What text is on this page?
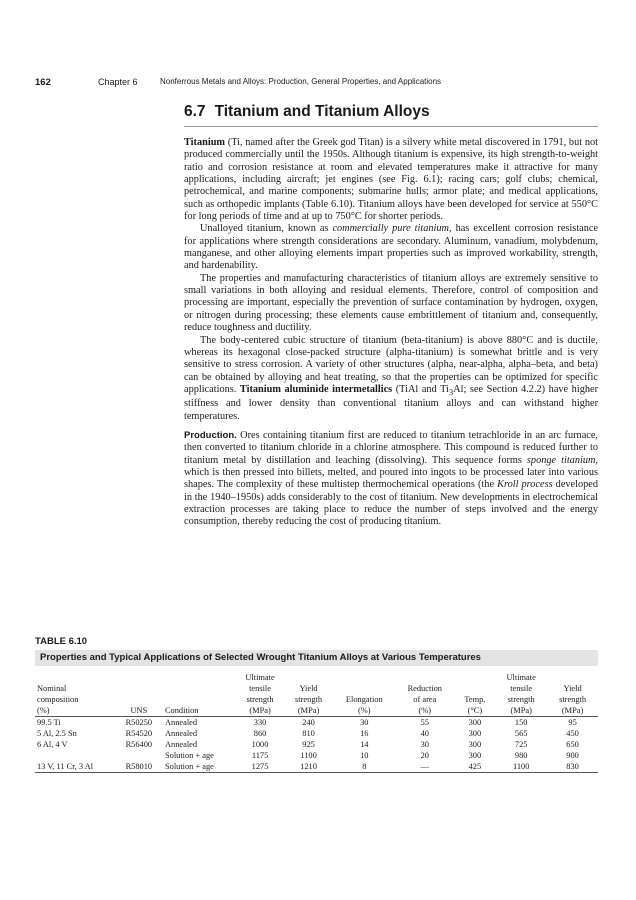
162	Chapter 6	Nonferrous Metals and Alloys: Production, General Properties, and Applications
6.7 Titanium and Titanium Alloys

Titanium (Ti, named after the Greek god Titan) is a silvery white metal discovered in 1791, but not produced commercially until the 1950s. Although titanium is expensive, its high strength-to-weight ratio and corrosion resistance at room and elevated temperatures make it attractive for many applications, including aircraft; jet engines (see Fig. 6.1); racing cars; golf clubs; chemical, petrochemical, and marine components; submarine hulls; armor plate; and medical applications, such as orthopedic implants (Table 6.10). Titanium alloys have been developed for service at 550°C for long periods of time and at up to 750°C for shorter periods.

Unalloyed titanium, known as commercially pure titanium, has excellent corrosion resistance for applications where strength considerations are secondary. Aluminum, vanadium, molybdenum, manganese, and other alloying elements impart properties such as improved workability, strength, and hardenability.

The properties and manufacturing characteristics of titanium alloys are extremely sensitive to small variations in both alloying and residual elements. Therefore, control of composition and processing are important, especially the prevention of surface contamination by hydrogen, oxygen, or nitrogen during processing; these elements cause embrittlement of titanium and, consequently, reduce toughness and ductility.

The body-centered cubic structure of titanium (beta-titanium) is above 880°C and is ductile, whereas its hexagonal close-packed structure (alpha-titanium) is somewhat brittle and is very sensitive to stress corrosion. A variety of other structures (alpha, near-alpha, alpha–beta, and beta) can be obtained by alloying and heat treating, so that the properties can be optimized for specific applications. Titanium aluminide intermetallics (TiAl and $Ti_3Al$; see Section 4.2.2) have higher stiffness and lower density than conventional titanium alloys and can withstand higher temperatures.

Production. Ores containing titanium first are reduced to titanium tetrachloride in an arc furnace, then converted to titanium chloride in a chlorine atmosphere. This compound is reduced further to titanium metal by distillation and leaching (dissolving). This sequence forms sponge titanium, which is then pressed into billets, melted, and poured into ingots to be processed later into various shapes. The complexity of these multistep thermochemical operations (the Kroll process developed in the 1940–1950s) adds considerably to the cost of titanium. New developments in electrochemical extraction processes are taking place to reduce the number of steps involved and the energy consumption, thereby reducing the cost of producing titanium.

TABLE 6.10
Properties and Typical Applications of Selected Wrought Titanium Alloys at Various Temperatures
Nominal
composition
(%)	UNS	Condition	Ultimate
tensile
strength
(MPa)	Yield
strength
(MPa)	Elongation
(%)	Reduction
of area
(%)	Temp.
(°C)	Ultimate
tensile
strength
(MPa)	Yield
strength
(MPa)
99.5 Ti	R50250	Annealed	330	240	30	55	300	150	95
5 Al, 2.5 Sn	R54520	Annealed	860	810	16	40	300	565	450
6 Al, 4 V	R56400	Annealed	1000	925	14	30	300	725	650
		Solution + age	1175	1100	10	20	300	980	900
13 V, 11 Cr, 3 Al	R58010	Solution + age	1275	1210	8	—	425	1100	830
